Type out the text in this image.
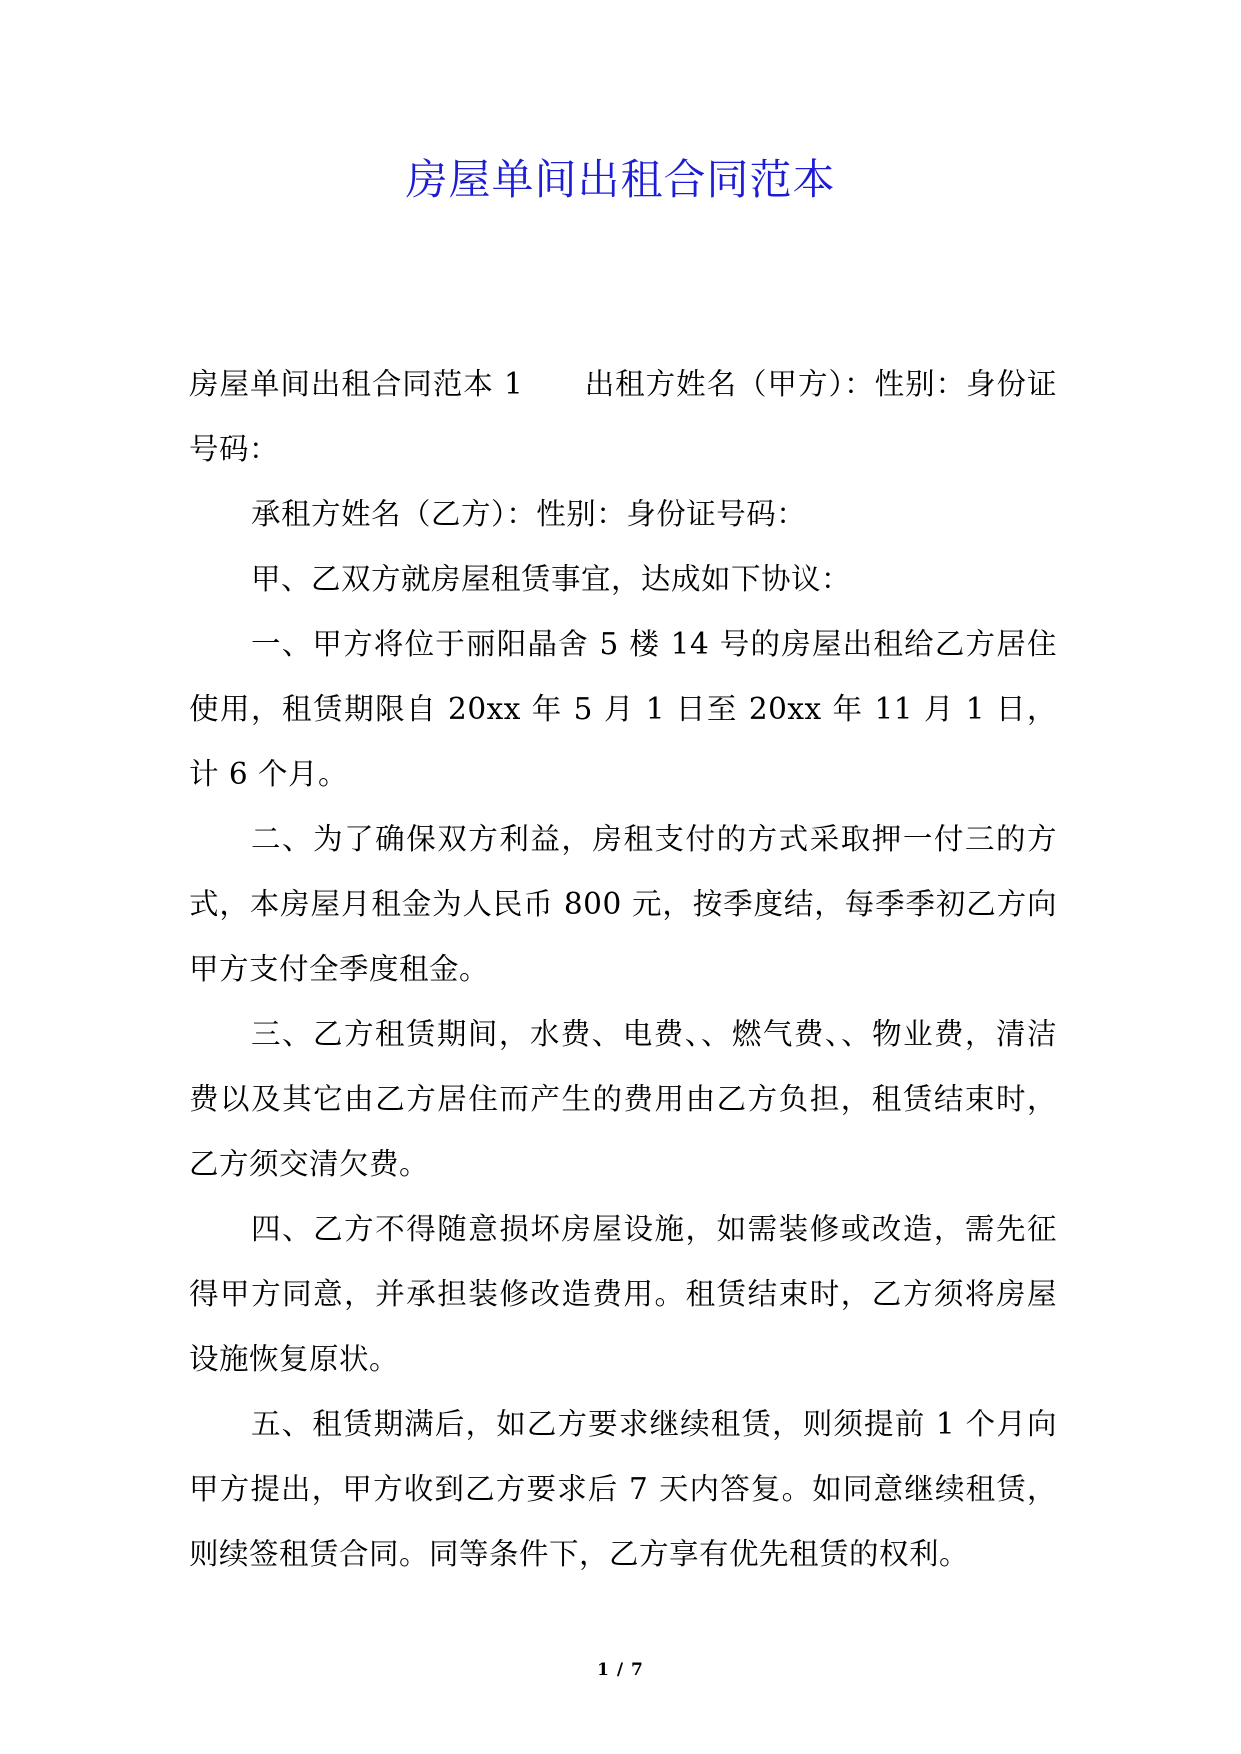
房屋单间出租合同范本

房屋单间出租合同范本 1　　出租方姓名（甲方）：性别：身份证号码：

承租方姓名（乙方）：性别：身份证号码：

甲、乙双方就房屋租赁事宜，达成如下协议：

一、甲方将位于丽阳晶舍 5 楼 14 号的房屋出租给乙方居住使用，租赁期限自 20xx 年 5 月 1 日至 20xx 年 11 月 1 日，计 6 个月。

二、为了确保双方利益，房租支付的方式采取押一付三的方式，本房屋月租金为人民币 800 元，按季度结，每季季初乙方向甲方支付全季度租金。

三、乙方租赁期间，水费、电费、、燃气费、、物业费，清洁费以及其它由乙方居住而产生的费用由乙方负担，租赁结束时，乙方须交清欠费。

四、乙方不得随意损坏房屋设施，如需装修或改造，需先征得甲方同意，并承担装修改造费用。租赁结束时，乙方须将房屋设施恢复原状。

五、租赁期满后，如乙方要求继续租赁，则须提前 1 个月向甲方提出，甲方收到乙方要求后 7 天内答复。如同意继续租赁，则续签租赁合同。同等条件下，乙方享有优先租赁的权利。

1 / 7
